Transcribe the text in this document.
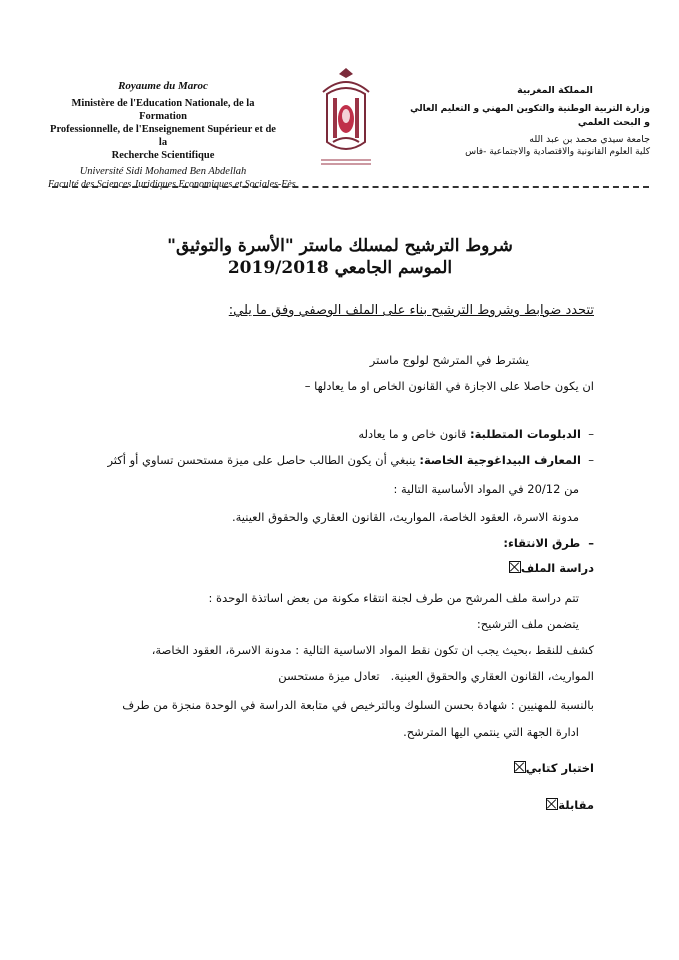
Royaume du Maroc
Ministère de l'Education Nationale, de la Formation
Professionnelle, de l'Enseignement Supérieur et de la
Recherche Scientifique
Université Sidi Mohamed Ben Abdellah
Faculté des Sciences Juridiques Economiques et Sociales-Fès
المملكة المغربية
وزارة التربية الوطنية والتكوين المهني و التعليم العالي
و البحث العلمي
جامعة سيدي محمد بن عبد الله
كلية العلوم القانونية والاقتصادية والاجتماعية -فاس
شروط الترشيح لمسلك ماستر "الأسرة والتوثيق"
الموسم الجامعي 2019/2018
تتحدد ضوابط وشروط الترشيح بناء على الملف الوصفي وفق ما يلي:
يشترط في المترشح لولوج ماستر
ان يكون حاصلا على الاجازة في القانون الخاص او ما يعادلها –
–  الدبلومات المتطلبة: قانون خاص و ما يعادله
–  المعارف البيداغوجية الخاصة: ينبغي أن يكون الطالب حاصل على ميزة مستحسن تساوي أو أكثر
من 20/12 في المواد الأساسية التالية :
مدونة الاسرة، العقود الخاصة، المواريث، القانون العقاري والحقوق العينية.
–  طرق الانتقاء:
دراسة الملف
تتم دراسة ملف المرشح من طرف لجنة انتقاء مكونة من بعض اساتذة الوحدة :
يتضمن ملف الترشيح:
كشف للنقط ،بحيث يجب ان تكون نقط المواد الاساسية التالية : مدونة الاسرة، العقود الخاصة،
المواريث، القانون العقاري والحقوق العينية.   تعادل ميزة مستحسن
بالنسبة للمهنيين : شهادة بحسن السلوك وبالترخيص في متابعة الدراسة في الوحدة منجزة من طرف
ادارة الجهة التي ينتمي اليها المترشح.
اختبار كتابي
مقابلة
